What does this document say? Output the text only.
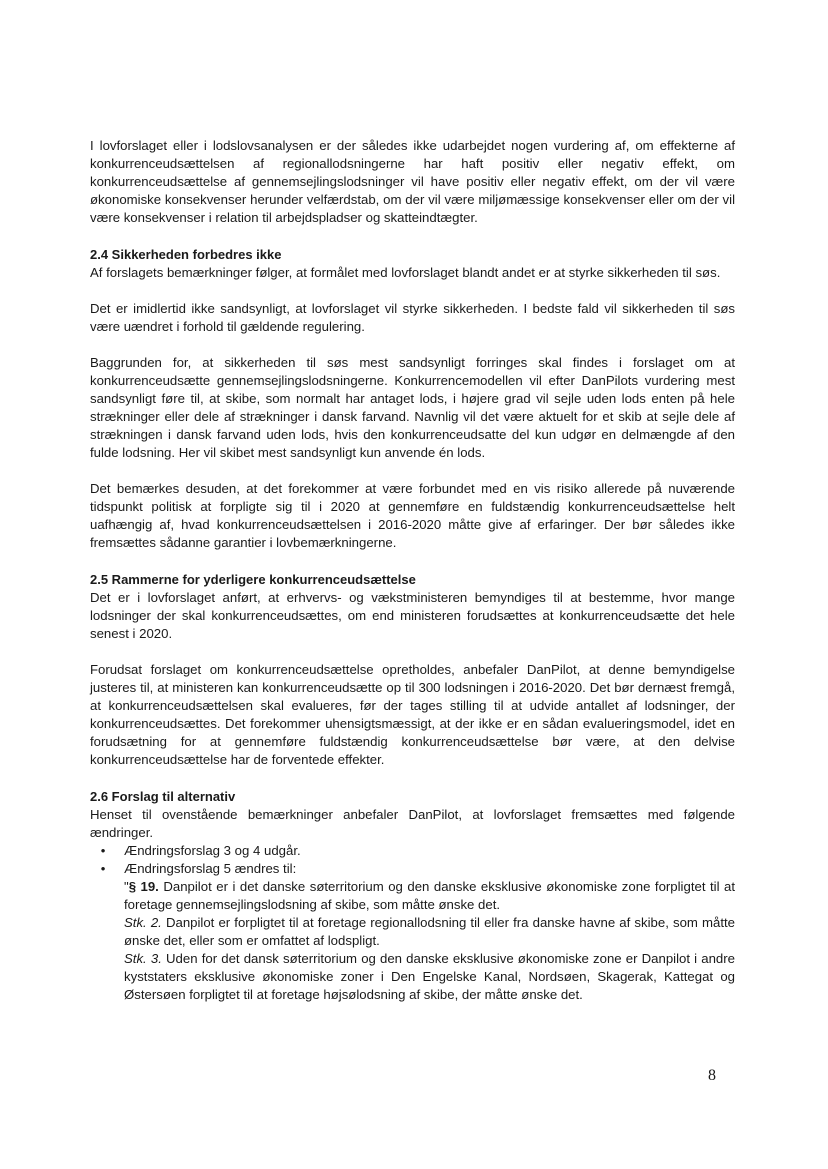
I lovforslaget eller i lodslovsanalysen er der således ikke udarbejdet nogen vurdering af, om effekterne af konkurrenceudsættelsen af regionallodsningerne har haft positiv eller negativ effekt, om konkurrenceudsættelse af gennemsejlingslodsninger vil have positiv eller negativ effekt, om der vil være økonomiske konsekvenser herunder velfærdstab, om der vil være miljømæssige konsekvenser eller om der vil være konsekvenser i relation til arbejdspladser og skatteindtægter.

2.4 Sikkerheden forbedres ikke

Af forslagets bemærkninger følger, at formålet med lovforslaget blandt andet er at styrke sikkerheden til søs.

Det er imidlertid ikke sandsynligt, at lovforslaget vil styrke sikkerheden. I bedste fald vil sikkerheden til søs være uændret i forhold til gældende regulering.

Baggrunden for, at sikkerheden til søs mest sandsynligt forringes skal findes i forslaget om at konkurrenceudsætte gennemsejlingslodsningerne. Konkurrencemodellen vil efter DanPilots vurdering mest sandsynligt føre til, at skibe, som normalt har antaget lods, i højere grad vil sejle uden lods enten på hele strækninger eller dele af strækninger i dansk farvand. Navnlig vil det være aktuelt for et skib at sejle dele af strækningen i dansk farvand uden lods, hvis den konkurrenceudsatte del kun udgør en delmængde af den fulde lodsning. Her vil skibet mest sandsynligt kun anvende én lods.

Det bemærkes desuden, at det forekommer at være forbundet med en vis risiko allerede på nuværende tidspunkt politisk at forpligte sig til i 2020 at gennemføre en fuldstændig konkurrenceudsættelse helt uafhængig af, hvad konkurrenceudsættelsen i 2016-2020 måtte give af erfaringer. Der bør således ikke fremsættes sådanne garantier i lovbemærkningerne.

2.5 Rammerne for yderligere konkurrenceudsættelse

Det er i lovforslaget anført, at erhvervs- og vækstministeren bemyndiges til at bestemme, hvor mange lodsninger der skal konkurrenceudsættes, om end ministeren forudsættes at konkurrenceudsætte det hele senest i 2020.

Forudsat forslaget om konkurrenceudsættelse opretholdes, anbefaler DanPilot, at denne bemyndigelse justeres til, at ministeren kan konkurrenceudsætte op til 300 lodsningen i 2016-2020. Det bør dernæst fremgå, at konkurrenceudsættelsen skal evalueres, før der tages stilling til at udvide antallet af lodsninger, der konkurrenceudsættes. Det forekommer uhensigtsmæssigt, at der ikke er en sådan evalueringsmodel, idet en forudsætning for at gennemføre fuldstændig konkurrenceudsættelse bør være, at den delvise konkurrenceudsættelse har de forventede effekter.

2.6 Forslag til alternativ

Henset til ovenstående bemærkninger anbefaler DanPilot, at lovforslaget fremsættes med følgende ændringer.

• Ændringsforslag 3 og 4 udgår.
• Ændringsforslag 5 ændres til:

"§ 19. Danpilot er i det danske søterritorium og den danske eksklusive økonomiske zone forpligtet til at foretage gennemsejlingslodsning af skibe, som måtte ønske det.

Stk. 2. Danpilot er forpligtet til at foretage regionallodsning til eller fra danske havne af skibe, som måtte ønske det, eller som er omfattet af lodspligt.

Stk. 3. Uden for det dansk søterritorium og den danske eksklusive økonomiske zone er Danpilot i andre kyststaters eksklusive økonomiske zoner i Den Engelske Kanal, Nordsøen, Skagerak, Kattegat og Østersøen forpligtet til at foretage højsølodsning af skibe, der måtte ønske det.

8
